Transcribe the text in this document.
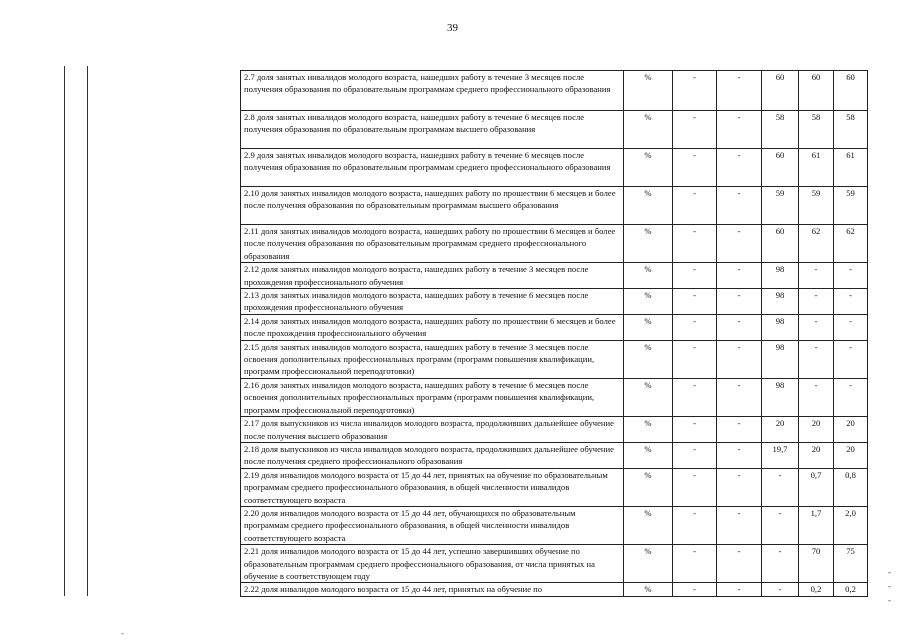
39
2.7 доля занятых инвалидов молодого возраста, нашедших работу в течение 3 месяцев после получения образования по образовательным программам среднего профессионального образования	%	-	-	60	60	60
2.8 доля занятых инвалидов молодого возраста, нашедших работу в течение 6 месяцев после получения образования по образовательным программам высшего образования	%	-	-	58	58	58
2.9 доля занятых инвалидов молодого возраста, нашедших работу в течение 6 месяцев после получения образования по образовательным программам среднего профессионального образования	%	-	-	60	61	61
2.10 доля занятых инвалидов молодого возраста, нашедших работу по прошествии 6 месяцев и более после получения образования по образовательным программам высшего образования	%	-	-	59	59	59
2.11 доля занятых инвалидов молодого возраста, нашедших работу по прошествии 6 месяцев и более после получения образования по образовательным программам среднего профессионального образования	%	-	-	60	62	62
2.12 доля занятых инвалидов молодого возраста, нашедших работу в течение 3 месяцев после прохождения профессионального обучения	%	-	-	98	-	-
2.13 доля занятых инвалидов молодого возраста, нашедших работу в течение 6 месяцев после прохождения профессионального обучения	%	-	-	98	-	-
2.14 доля занятых инвалидов молодого возраста, нашедших работу по прошествии 6 месяцев и более после прохождения профессионального обучения	%	-	-	98	-	-
2.15 доля занятых инвалидов молодого возраста, нашедших работу в течение 3 месяцев после освоения дополнительных профессиональных программ (программ повышения квалификации, программ профессиональной переподготовки)	%	-	-	98	-	-
2.16 доля занятых инвалидов молодого возраста, нашедших работу в течение 6 месяцев после освоения дополнительных профессиональных программ (программ повышения квалификации, программ профессиональной переподготовки)	%	-	-	98	-	-
2.17 доля выпускников из числа инвалидов молодого возраста, продолживших дальнейшее обучение после получения высшего образования	%	-	-	20	20	20
2.18 доля выпускников из числа инвалидов молодого возраста, продолживших дальнейшее обучение после получения среднего профессионального образования	%	-	-	19,7	20	20
2.19 доля инвалидов молодого возраста от 15 до 44 лет, принятых на обучение по образовательным программам среднего профессионального образования, в общей численности инвалидов соответствующего возраста	%	-	-	-	0,7	0,8
2.20 доля инвалидов молодого возраста от 15 до 44 лет, обучающихся по образовательным программам среднего профессионального образования, в общей численности инвалидов соответствующего возраста	%	-	-	-	1,7	2,0
2.21 доля инвалидов молодого возраста от 15 до 44 лет, успешно завершивших обучение по образовательным программам среднего профессионального образования, от числа принятых на обучение в соответствующем году	%	-	-	-	70	75
2.22 доля инвалидов молодого возраста от 15 до 44 лет, принятых на обучение по	%	-	-	-	0,2	0,2
-
-
-
-
